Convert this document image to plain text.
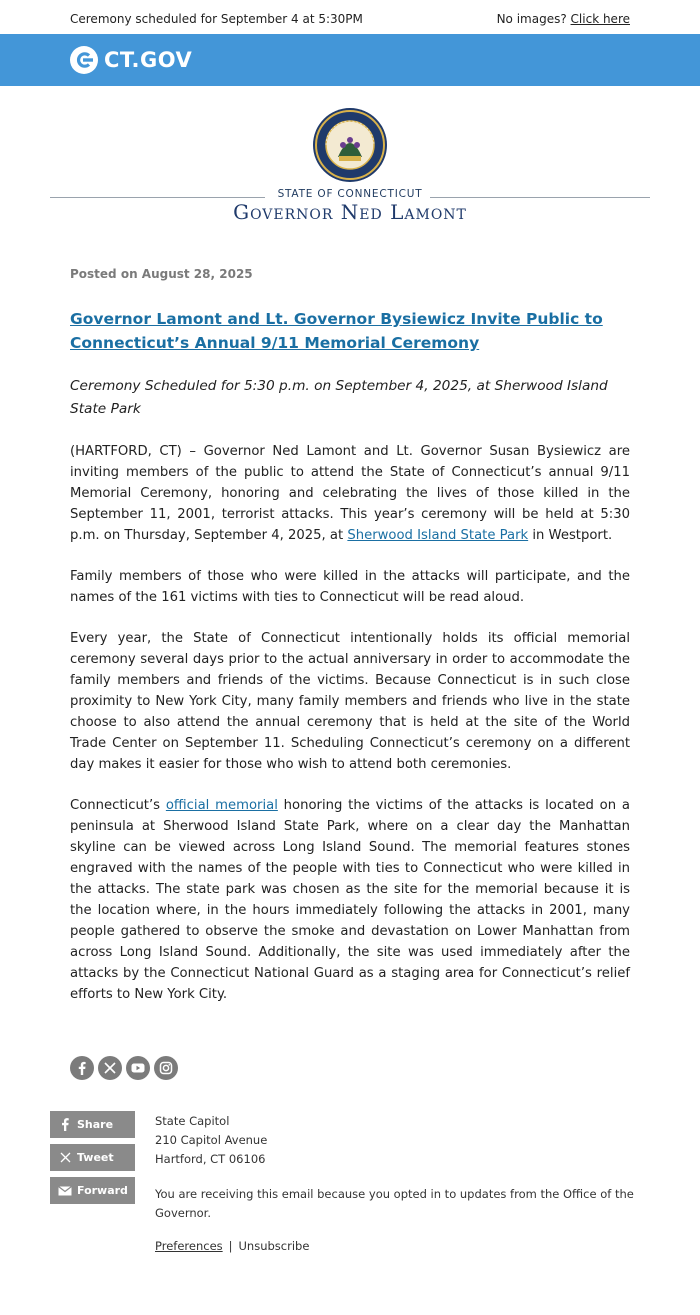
Ceremony scheduled for September 4 at 5:30PM	No images? Click here
CT.GOV
STATE OF CONNECTICUT
Governor Ned Lamont
Posted on August 28, 2025
Governor Lamont and Lt. Governor Bysiewicz Invite Public to Connecticut’s Annual 9/11 Memorial Ceremony
Ceremony Scheduled for 5:30 p.m. on September 4, 2025, at Sherwood Island State Park

(HARTFORD, CT) – Governor Ned Lamont and Lt. Governor Susan Bysiewicz are inviting members of the public to attend the State of Connecticut’s annual 9/11 Memorial Ceremony, honoring and celebrating the lives of those killed in the September 11, 2001, terrorist attacks. This year’s ceremony will be held at 5:30 p.m. on Thursday, September 4, 2025, at Sherwood Island State Park in Westport.

Family members of those who were killed in the attacks will participate, and the names of the 161 victims with ties to Connecticut will be read aloud.

Every year, the State of Connecticut intentionally holds its official memorial ceremony several days prior to the actual anniversary in order to accommodate the family members and friends of the victims. Because Connecticut is in such close proximity to New York City, many family members and friends who live in the state choose to also attend the annual ceremony that is held at the site of the World Trade Center on September 11. Scheduling Connecticut’s ceremony on a different day makes it easier for those who wish to attend both ceremonies.

Connecticut’s official memorial honoring the victims of the attacks is located on a peninsula at Sherwood Island State Park, where on a clear day the Manhattan skyline can be viewed across Long Island Sound. The memorial features stones engraved with the names of the people with ties to Connecticut who were killed in the attacks. The state park was chosen as the site for the memorial because it is the location where, in the hours immediately following the attacks in 2001, many people gathered to observe the smoke and devastation on Lower Manhattan from across Long Island Sound. Additionally, the site was used immediately after the attacks by the Connecticut National Guard as a staging area for Connecticut’s relief efforts to New York City.

Share
Tweet
Forward
State Capitol
210 Capitol Avenue
Hartford, CT 06106
You are receiving this email because you opted in to updates from the Office of the Governor.
Preferences | Unsubscribe
